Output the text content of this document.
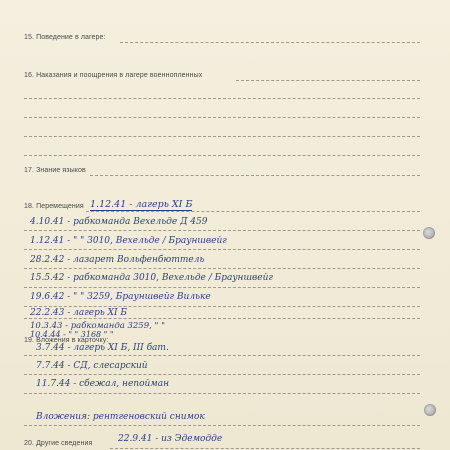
15. Поведение в лагере:
16. Наказания и поощрения в лагере военнопленных
17. Знание языков
18. Перемещения 1.12.41 - лагерь XI Б
4.10.41 - рабкоманда Вехельде Д 459
1.12.41 - " " 3010, Вехельде / Брауншвейг
28.2.42 - лазарет Вольфенбюттель
15.5.42 - рабкоманда 3010, Вехельде / Брауншвейг
19.6.42 - " " 3259, Брауншвейг Вильке
22.2.43 - лагерь XI Б
10.3.43 - рабкоманда 3259, " "
10.4.44 - " " 3168 " "
19. Вложения в карточку:
3.7.44 - лагерь XI Б, III бат.
7.7.44 - СД, слесарский
11.7.44 - сбежал, непойман
Вложения: рентгеновский снимок
20. Другие сведения	22.9.41 - из Эдемодде
